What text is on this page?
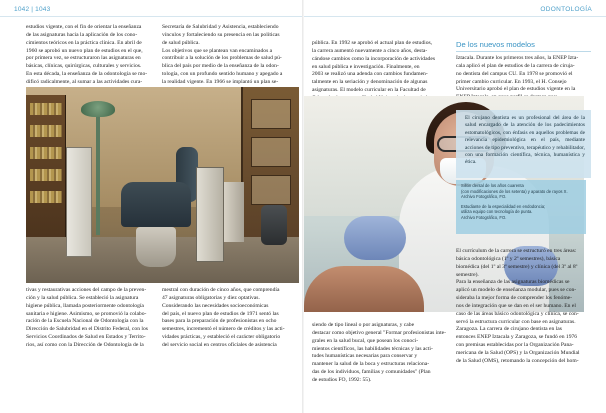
1042 | 1043	ODONTOLOGÍA

estudios vigente, con el fin de orientar la enseñanza

de las asignaturas hacia la aplicación de los cono-

cimientos teóricos en la práctica clínica. En abril de

1960 se aprobó un nuevo plan de estudios en el que,

por primera vez, se estructuraron las asignaturas en

básicas, clínicas, quirúrgicas, culturales y servicios.

En esta década, la enseñanza de la odontología se mo-

dificó radicalmente, al sumar a las actividades cura-

Secretaría de Salubridad y Asistencia, estableciendo

vínculos y fortaleciendo su presencia en las políticas

de salud pública.

Los objetivos que se plantean van encaminados a

contribuir a la solución de los problemas de salud pú-

blica del país por medio de la enseñanza de la odon-

tología, con un profundo sentido humano y apegado a

la realidad vigente. En 1966 se implantó un plan se-

tivas y restaurativas acciones del campo de la preven-

ción y la salud pública. Se estableció la asignatura

higiene pública, llamada posteriormente odontología

sanitaria e higiene. Asimismo, se promovió la colabo-

ración de la Escuela Nacional de Odontología con la

Dirección de Salubridad en el Distrito Federal, con los

Servicios Coordinados de Salud en Estados y Territo-

rios, así como con la Dirección de Odontología de la

mestral con duración de cinco años, que comprendía

47 asignaturas obligatorias y diez optativas.

Considerando las necesidades socioeconómicas

del país, el nuevo plan de estudios de 1971 sentó las

bases para la preparación de profesionistas en ocho

semestres, incrementó el número de créditos y las acti-

vidades prácticas, y estableció el carácter obligatorio

del servicio social en centros oficiales de asistencia

pública. En 1992 se aprobó el actual plan de estudios,

la carrera aumentó nuevamente a cinco años, desta-

cándose cambios como la incorporación de actividades

en salud pública e investigación. Finalmente, en

2003 se realizó una adenda con cambios fundamen-

talmente en la seriación y denominación de algunas

asignaturas. El modelo curricular en la Facultad de

De los nuevos modelos

Iztacala. Durante los primeros tres años, la ENEP Izta-

cala aplicó el plan de estudios de la carrera de ciruja-

no dentista del campus CU. En 1978 se promovió el

primer cambio curricular. En 1993, el H. Consejo

Universitario aprobó el plan de estudios vigente en la

El cirujano dentista es un profesional del área de la salud encargado de la atención de los padecimientos estomatológicos, con énfasis en aquellos problemas de relevancia epidemiológica en el país, mediante acciones de tipo preventivo, terapéutico y rehabilitador, con una formación científica, técnica, humanística y ética.
Sillón dental de los años cuarenta
(con modificaciones de los setenta) y aparato de rayos X.
Archivo Fotográfico, FO.
Estudiante de la especialidad en endodoncia;
utiliza equipo con tecnología de punta.
Archivo Fotográfico, FO.

siendo de tipo lineal o por asignaturas, y cabe

destacar como objetivo general "Formar profesionistas inte-

grales en la salud bucal, que posean los conoci-

mientos científicos, las habilidades técnicas y las acti-

tudes humanísticas necesarias para conservar y

mantener la salud de la boca y estructuras relaciona-

das de los individuos, familias y comunidades" (Plan

de estudios FO, 1992: 55).

El currículum de la carrera se estructuró en tres áreas:

básica odontológica (1º y 2º semestres), básica

biomédica (del 1º al 3º semestre) y clínica (del 3º al 8º

semestre).

Para la enseñanza de las asignaturas biomédicas se

aplicó un modelo de enseñanza modular, pues se con-

sideraba la mejor forma de comprender los fenóme-

nos de integración que se dan en el ser humano. En el

caso de las áreas básico odontológica y clínica, se con-

servó la estructura curricular con base en asignaturas.

Zaragoza. La carrera de cirujano dentista en las

entonces ENEP Iztacala y Zaragoza, se fundó en 1976

con premisas establecidas por la Organización Pana-

mericana de la Salud (OPS) y la Organización Mundial

de la Salud (OMS), retomando la concepción del hom-
